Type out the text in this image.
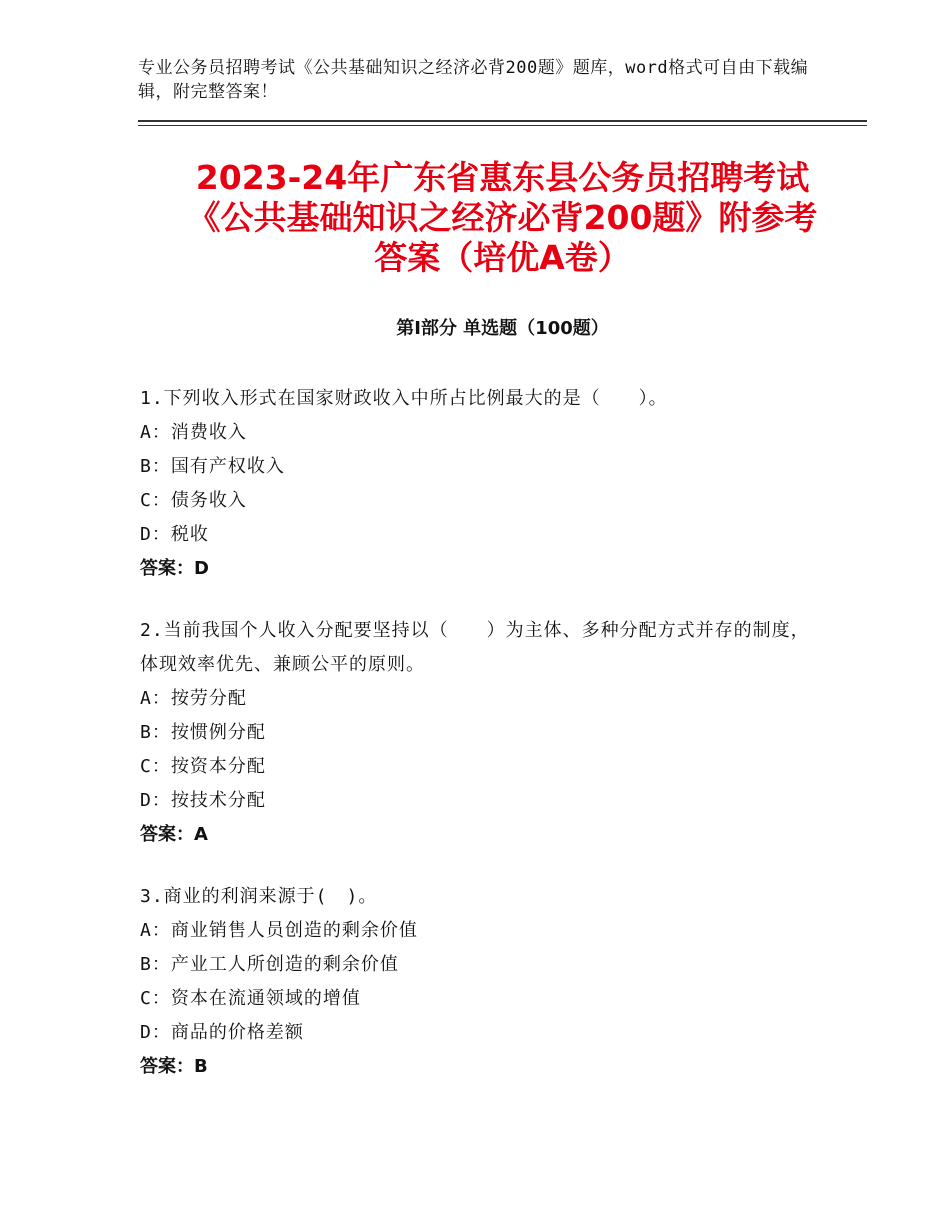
专业公务员招聘考试《公共基础知识之经济必背200题》题库，word格式可自由下载编辑，附完整答案！
2023-24年广东省惠东县公务员招聘考试
《公共基础知识之经济必背200题》附参考
答案（培优A卷）
第Ⅰ部分 单选题（100题）
1.下列收入形式在国家财政收入中所占比例最大的是（　　）。
A：消费收入
B：国有产权收入
C：债务收入
D：税收
答案：D
2.当前我国个人收入分配要坚持以（　　）为主体、多种分配方式并存的制度，体现效率优先、兼顾公平的原则。
A：按劳分配
B：按惯例分配
C：按资本分配
D：按技术分配
答案：A
3.商业的利润来源于(　)。
A：商业销售人员创造的剩余价值
B：产业工人所创造的剩余价值
C：资本在流通领域的增值
D：商品的价格差额
答案：B
